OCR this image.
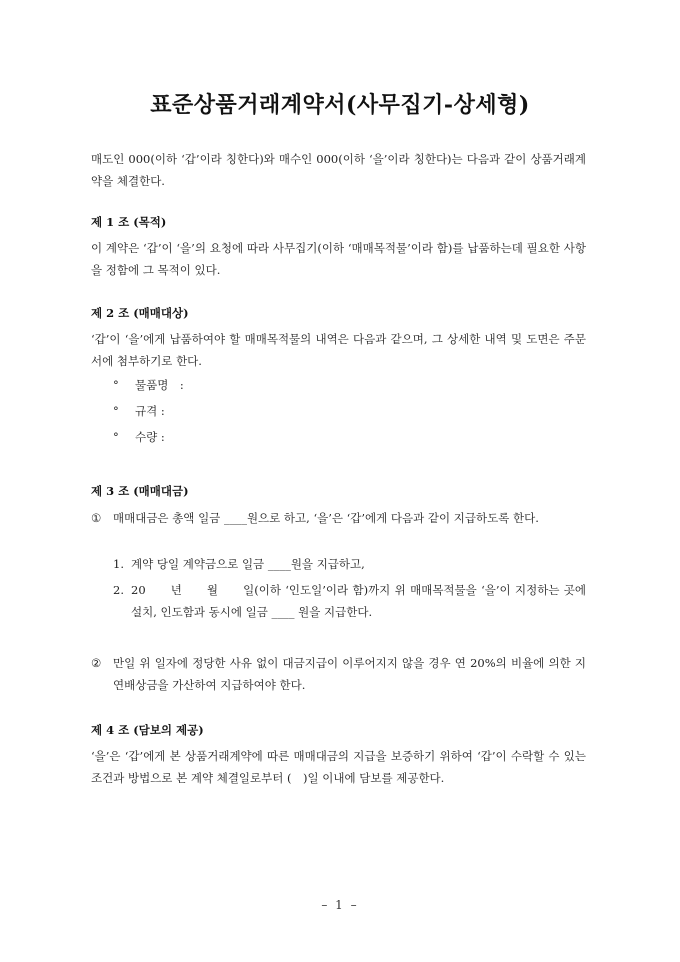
표준상품거래계약서(사무집기-상세형)
매도인 000(이하 ‘갑’이라 칭한다)와 매수인 000(이하 ‘을’이라 칭한다)는 다음과 같이 상품거래계약을 체결한다.
제 1 조 (목적)
이 계약은 ‘갑’이 ‘을’의 요청에 따라 사무집기(이하 ‘매매목적물’이라 함)를 납품하는데 필요한 사항을 정함에 그 목적이 있다.
제 2 조 (매매대상)
‘갑’이 ‘을’에게 납품하여야 할 매매목적물의 내역은 다음과 같으며, 그 상세한 내역 및 도면은 주문서에 첨부하기로 한다.
° 물품명　:
° 규격 :
° 수량 :
제 3 조 (매매대금)
① 매매대금은 총액 일금 ____원으로 하고, ‘을’은 ‘갑’에게 다음과 같이 지급하도록 한다.
1. 계약 당일 계약금으로 일금 ____원을 지급하고,
2. 20　　년　　월　　일(이하 ‘인도일’이라 함)까지 위 매매목적물을 ‘을’이 지정하는 곳에 설치, 인도함과 동시에 일금 ____ 원을 지급한다.
② 만일 위 일자에 정당한 사유 없이 대금지급이 이루어지지 않을 경우 연 20%의 비율에 의한 지연배상금을 가산하여 지급하여야 한다.
제 4 조 (담보의 제공)
‘을’은 ‘갑’에게 본 상품거래계약에 따른 매매대금의 지급을 보증하기 위하여 ‘갑’이 수락할 수 있는 조건과 방법으로 본 계약 체결일로부터 (　)일 이내에 담보를 제공한다.
– 1 –
